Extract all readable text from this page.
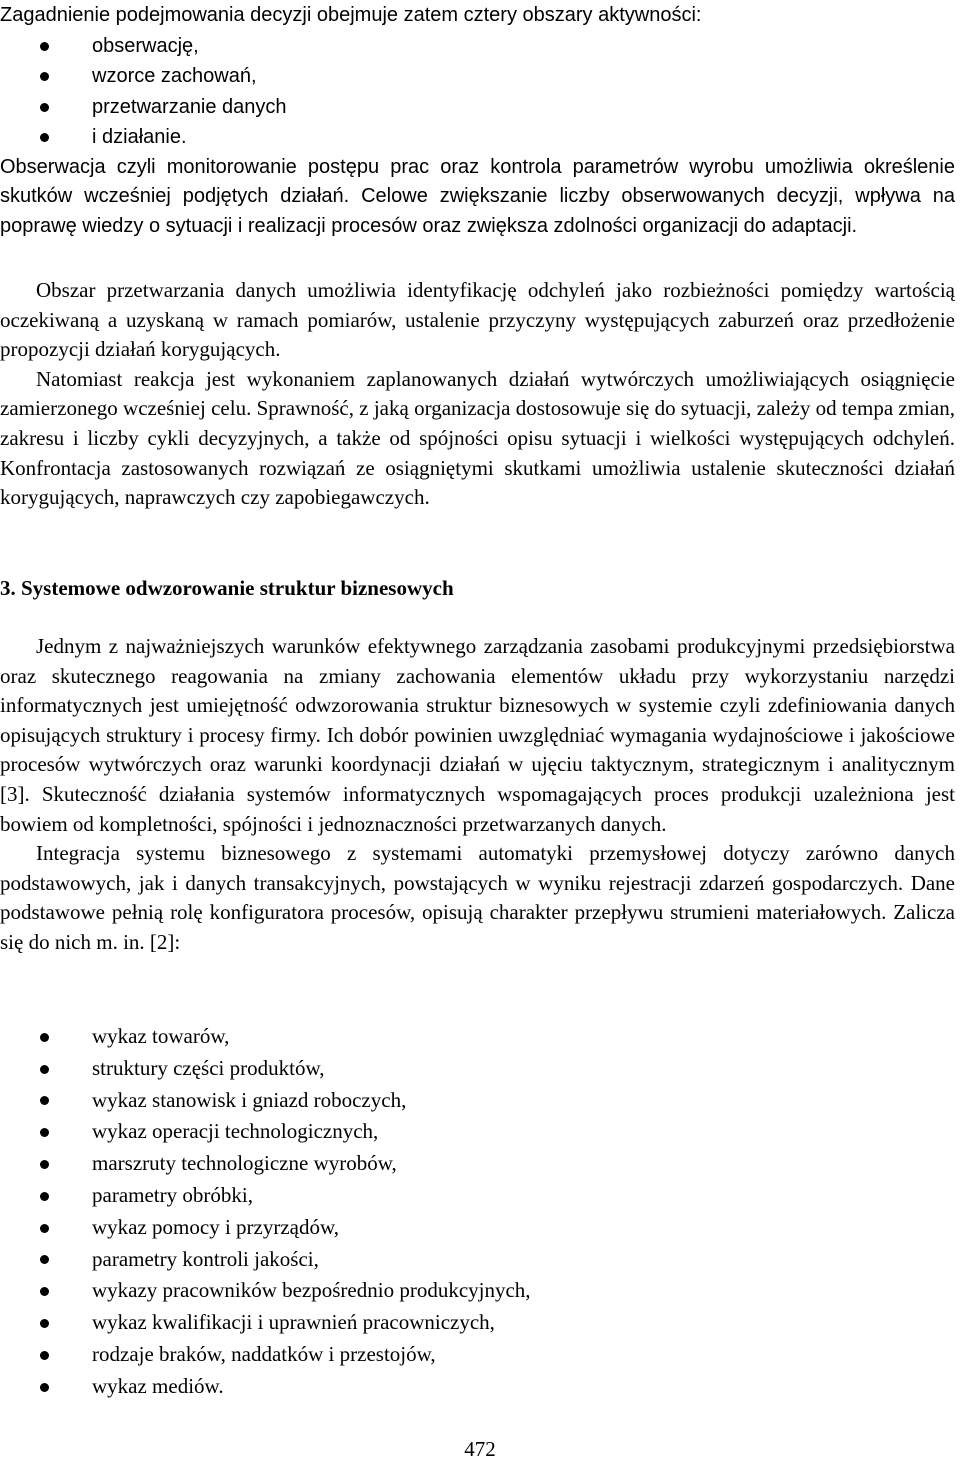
Zagadnienie podejmowania decyzji obejmuje zatem cztery obszary aktywności:

obserwację,
wzorce zachowań,
przetwarzanie danych
i działanie.

Obserwacja czyli monitorowanie postępu prac oraz kontrola parametrów wyrobu umożliwia określenie skutków wcześniej podjętych działań. Celowe zwiększanie liczby obserwowanych decyzji, wpływa na poprawę wiedzy o sytuacji i realizacji procesów oraz zwiększa zdolności organizacji do adaptacji.

Obszar przetwarzania danych umożliwia identyfikację odchyleń jako rozbieżności pomiędzy wartością oczekiwaną a uzyskaną w ramach pomiarów, ustalenie przyczyny występujących zaburzeń oraz przedłożenie propozycji działań korygujących.

Natomiast reakcja jest wykonaniem zaplanowanych działań wytwórczych umożliwiających osiągnięcie zamierzonego wcześniej celu. Sprawność, z jaką organizacja dostosowuje się do sytuacji, zależy od tempa zmian, zakresu i liczby cykli decyzyjnych, a także od spójności opisu sytuacji i wielkości występujących odchyleń. Konfrontacja zastosowanych rozwiązań ze osiągniętymi skutkami umożliwia ustalenie skuteczności działań korygujących, naprawczych czy zapobiegawczych.

3. Systemowe odwzorowanie struktur biznesowych

Jednym z najważniejszych warunków efektywnego zarządzania zasobami produkcyjnymi przedsiębiorstwa oraz skutecznego reagowania na zmiany zachowania elementów układu przy wykorzystaniu narzędzi informatycznych jest umiejętność odwzorowania struktur biznesowych w systemie czyli zdefiniowania danych opisujących struktury i procesy firmy. Ich dobór powinien uwzględniać wymagania wydajnościowe i jakościowe procesów wytwórczych oraz warunki koordynacji działań w ujęciu taktycznym, strategicznym i analitycznym [3]. Skuteczność działania systemów informatycznych wspomagających proces produkcji uzależniona jest bowiem od kompletności, spójności i jednoznaczności przetwarzanych danych.

Integracja systemu biznesowego z systemami automatyki przemysłowej dotyczy zarówno danych podstawowych, jak i danych transakcyjnych, powstających w wyniku rejestracji zdarzeń gospodarczych. Dane podstawowe pełnią rolę konfiguratora procesów, opisują charakter przepływu strumieni materiałowych. Zalicza się do nich m. in. [2]:

wykaz towarów,
struktury części produktów,
wykaz stanowisk i gniazd roboczych,
wykaz operacji technologicznych,
marszruty technologiczne wyrobów,
parametry obróbki,
wykaz pomocy i przyrządów,
parametry kontroli jakości,
wykazy pracowników bezpośrednio produkcyjnych,
wykaz kwalifikacji i uprawnień pracowniczych,
rodzaje braków, naddatków i przestojów,
wykaz mediów.
472
